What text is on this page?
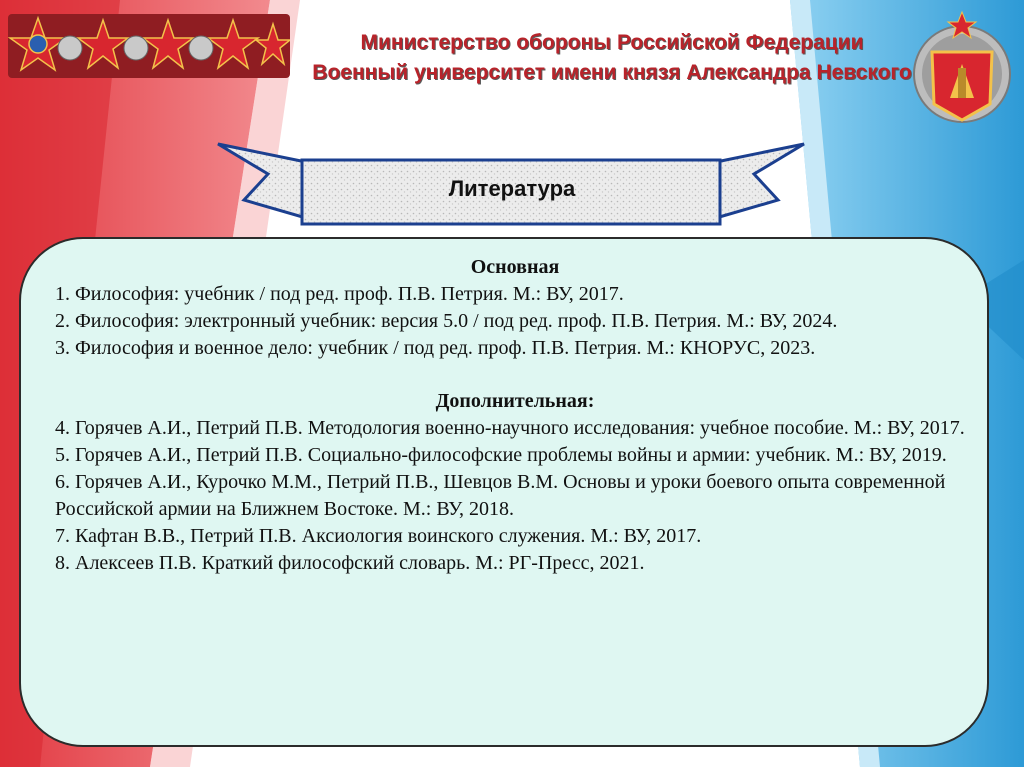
Министерство обороны Российской Федерации
Военный университет имени князя Александра Невского
Литература
Основная

1. Философия: учебник / под ред. проф. П.В. Петрия. М.: ВУ, 2017.

2. Философия: электронный учебник: версия 5.0 / под ред. проф. П.В. Петрия. М.: ВУ, 2024.

3. Философия и военное дело: учебник / под ред. проф. П.В. Петрия. М.: КНОРУС, 2023.

Дополнительная:

4. Горячев А.И., Петрий П.В. Методология военно-научного исследования: учебное пособие. М.: ВУ, 2017.

5. Горячев А.И., Петрий П.В. Социально-философские проблемы войны и армии: учебник. М.: ВУ, 2019.

6. Горячев А.И., Курочко М.М., Петрий П.В., Шевцов В.М. Основы и уроки боевого опыта современной Российской армии на Ближнем Востоке. М.: ВУ, 2018.

7. Кафтан В.В., Петрий П.В. Аксиология воинского служения. М.: ВУ, 2017.

8. Алексеев П.В. Краткий философский словарь. М.: РГ-Пресс, 2021.
